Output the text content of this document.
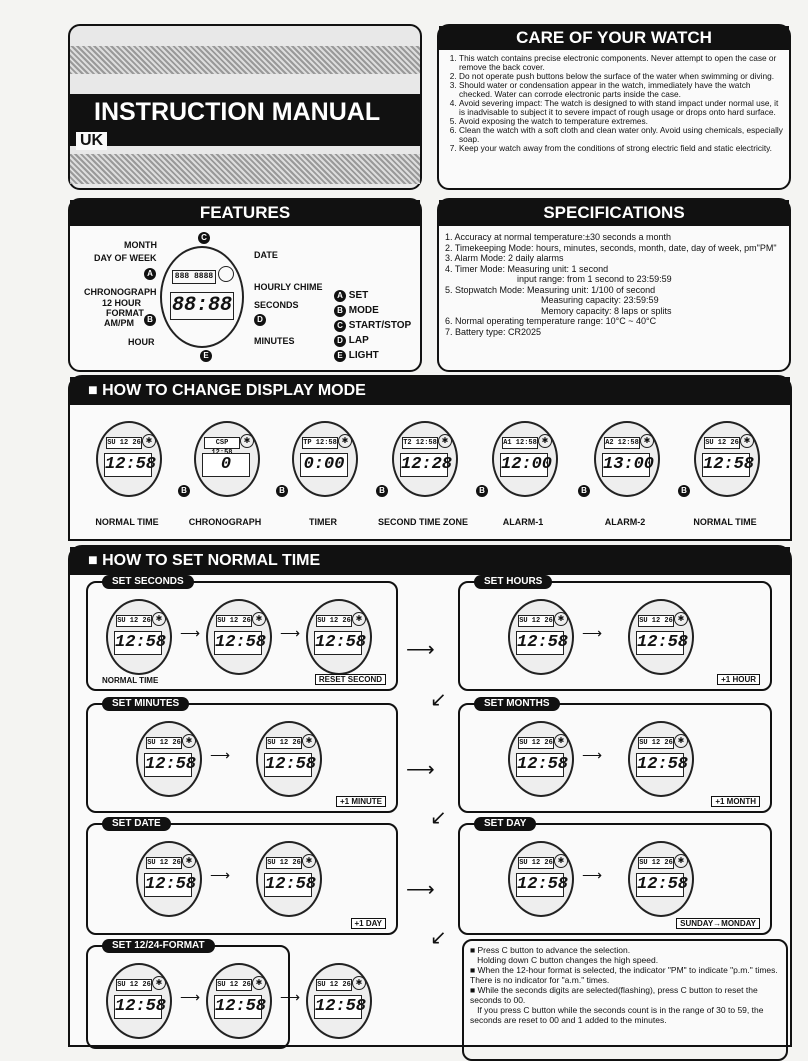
INSTRUCTION MANUAL
UK
CARE OF YOUR WATCH
1. This watch contains precise electronic components. Never attempt to open the case or remove the back cover.
2. Do not operate push buttons below the surface of the water when swimming or diving.
3. Should water or condensation appear in the watch, immediately have the watch checked. Water can corrode electronic parts inside the case.
4. Avoid severing impact: The watch is designed to with stand impact under normal use, it is inadvisable to subject it to severe impact of rough usage or drops onto hard surface.
5. Avoid exposing the watch to temperature extremes.
6. Clean the watch with a soft cloth and clean water only. Avoid using chemicals, especially soap.
7. Keep your watch away from the conditions of strong electric field and static electricity.
FEATURES
888 8888
88:88
C
A
B	D
E
MONTH
DAY OF WEEK	DATE
CHRONOGRAPH
12 HOUR
FORMAT
AM/PM
HOUR
HOURLY CHIME
SECONDS
MINUTES
A SET
B MODE
C START/STOP
D LAP
E LIGHT
SPECIFICATIONS
1. Accuracy at normal temperature:±30 seconds a month
2. Timekeeping Mode: hours, minutes, seconds, month, date, day of week, pm"PM"
3. Alarm Mode: 2 daily alarms
4. Timer Mode: Measuring unit: 1 second
input range: from 1 second to 23:59:59
5. Stopwatch Mode: Measuring unit: 1/100 of second
Measuring capacity: 23:59:59
Memory capacity: 8 laps or splits
6. Normal operating temperature range: 10°C ~ 40°C
7. Battery type: CR2025
■ HOW TO CHANGE DISPLAY MODE
SU 12 26 ✱
12:58
NORMAL TIME
CSP	✱
0
CHRONOGRAPH
B
TP 12:58 ✱
0:00
TIMER
B
T2 12:58 ✱
12:28
SECOND TIME ZONE
B
A1 12:58 ✱
12:00
ALARM-1
B
A2 12:58 ✱
13:00
ALARM-2
B
SU 12 26 ✱
12:58
NORMAL TIME
B
■ HOW TO SET NORMAL TIME
SET SECONDS
SU 12 26 ✱
12:58 ⟶
SU 12 26 ✱
12:58 ⟶
SU 12 26 ✱
12:58
RESET SECOND
NORMAL TIME
SET HOURS
SU 12 26 ✱
12:58 ⟶
SU 12 26 ✱
12:58
+1 HOUR
SET MINUTES
SU 12 26 ✱
12:58 ⟶
SU 12 26 ✱
12:58
+1 MINUTE
SET MONTHS
SU 12 26 ✱
12:58 ⟶
SU 12 26 ✱
12:58
+1 MONTH
SET DATE
SU 12 26 ✱
12:58 ⟶
SU 12 26 ✱
12:58
+1 DAY
SET DAY
SU 12 26 ✱
12:58 ⟶
SU 12 26 ✱
12:58
SUNDAY→MONDAY
SET 12/24-FORMAT
SU 12 26 ✱
12:58 ⟶
SU 12 26 ✱
12:58 ⟶
SU 12 26 ✱
12:58
⟶
⟶
⟶
↙
↙
↙
■ Press C button to advance the selection.
Holding down C button changes the high speed.
■ When the 12-hour format is selected, the indicator "PM" to indicate "p.m." times. There is no indicator for "a.m." times.
■ While the seconds digits are selected(flashing), press C button to reset the seconds to 00.
If you press C button while the seconds count is in the range of 30 to 59, the seconds are reset to 00 and 1 added to the minutes.
